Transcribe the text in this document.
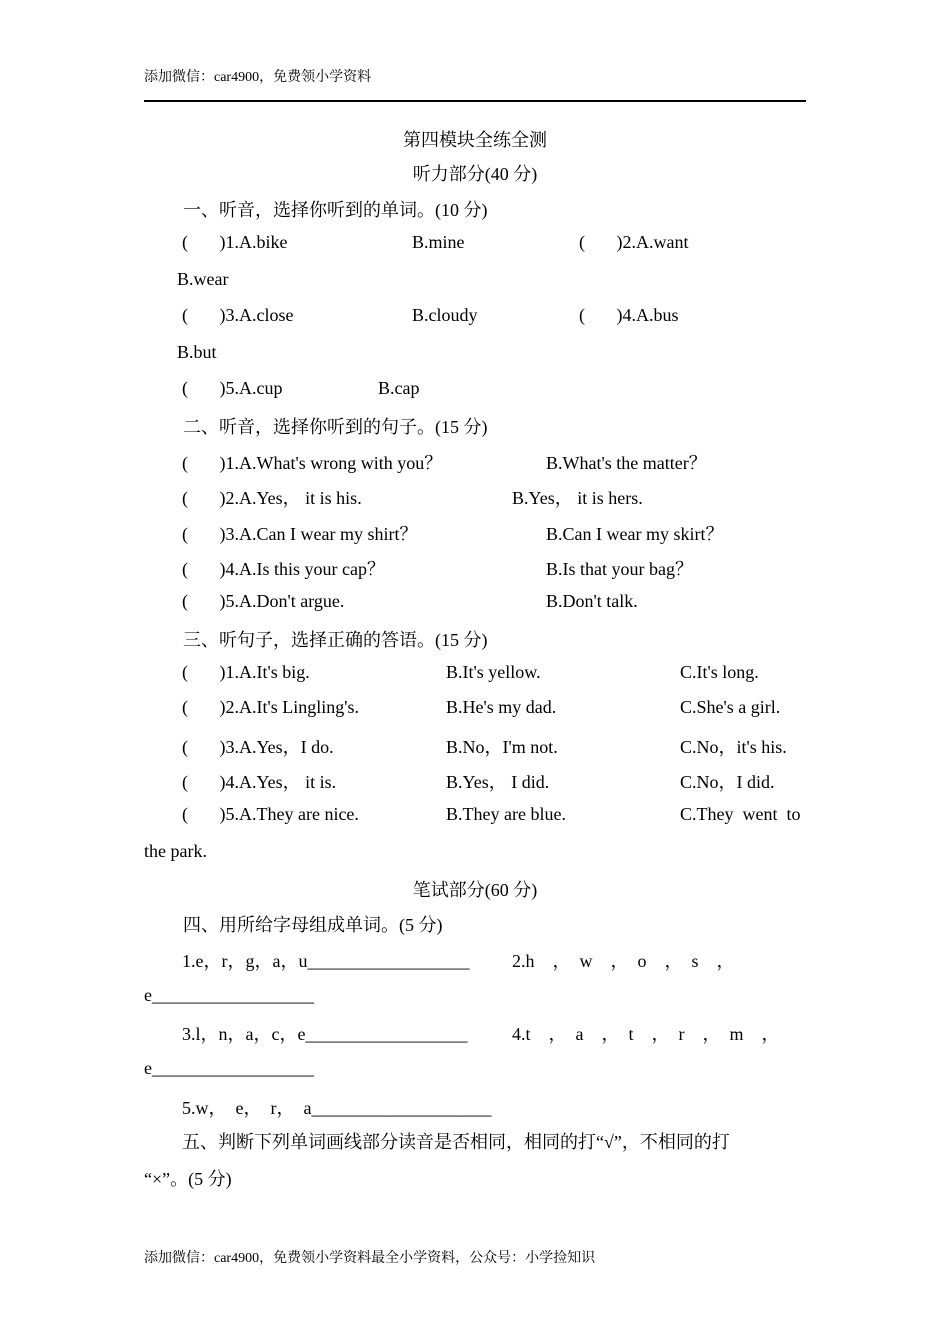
添加微信：car4900，免费领小学资料
第四模块全练全测
听力部分(40 分)
一、听音，选择你听到的单词。(10 分)
(       )1.A.bike	B.mine	(       )2.A.want
B.wear
(       )3.A.close	B.cloudy	(       )4.A.bus
B.but
(       )5.A.cup	B.cap
二、听音，选择你听到的句子。(15 分)
(       )1.A.What's wrong with you？	B.What's the matter？
(       )2.A.Yes， it is his.	B.Yes， it is hers.
(       )3.A.Can I wear my shirt？	B.Can I wear my skirt？
(       )4.A.Is this your cap？	B.Is that your bag？
(       )5.A.Don't argue.	B.Don't talk.
三、听句子，选择正确的答语。(15 分)
(       )1.A.It's big.	B.It's yellow.	C.It's long.
(       )2.A.It's Lingling's.	B.He's my dad.	C.She's a girl.
(       )3.A.Yes，I do.	B.No，I'm not.	C.No，it's his.
(       )4.A.Yes， it is.	B.Yes， I did.	C.No，I did.
(       )5.A.They are nice.	B.They are blue.	C.They  went  to
the park.
笔试部分(60 分)
四、用所给字母组成单词。(5 分)
1.e，r，g，a，u__________________ 2.h　，　w　，　o　，　s　，
e__________________
3.l，n，a，c，e__________________ 4.t　，　a　，　t　，　r　，　m　，
e__________________
5.w，  e，  r，  a____________________
五、判断下列单词画线部分读音是否相同，相同的打“√”，不相同的打
“×”。(5 分)
添加微信：car4900，免费领小学资料最全小学资料，公众号：小学捡知识
